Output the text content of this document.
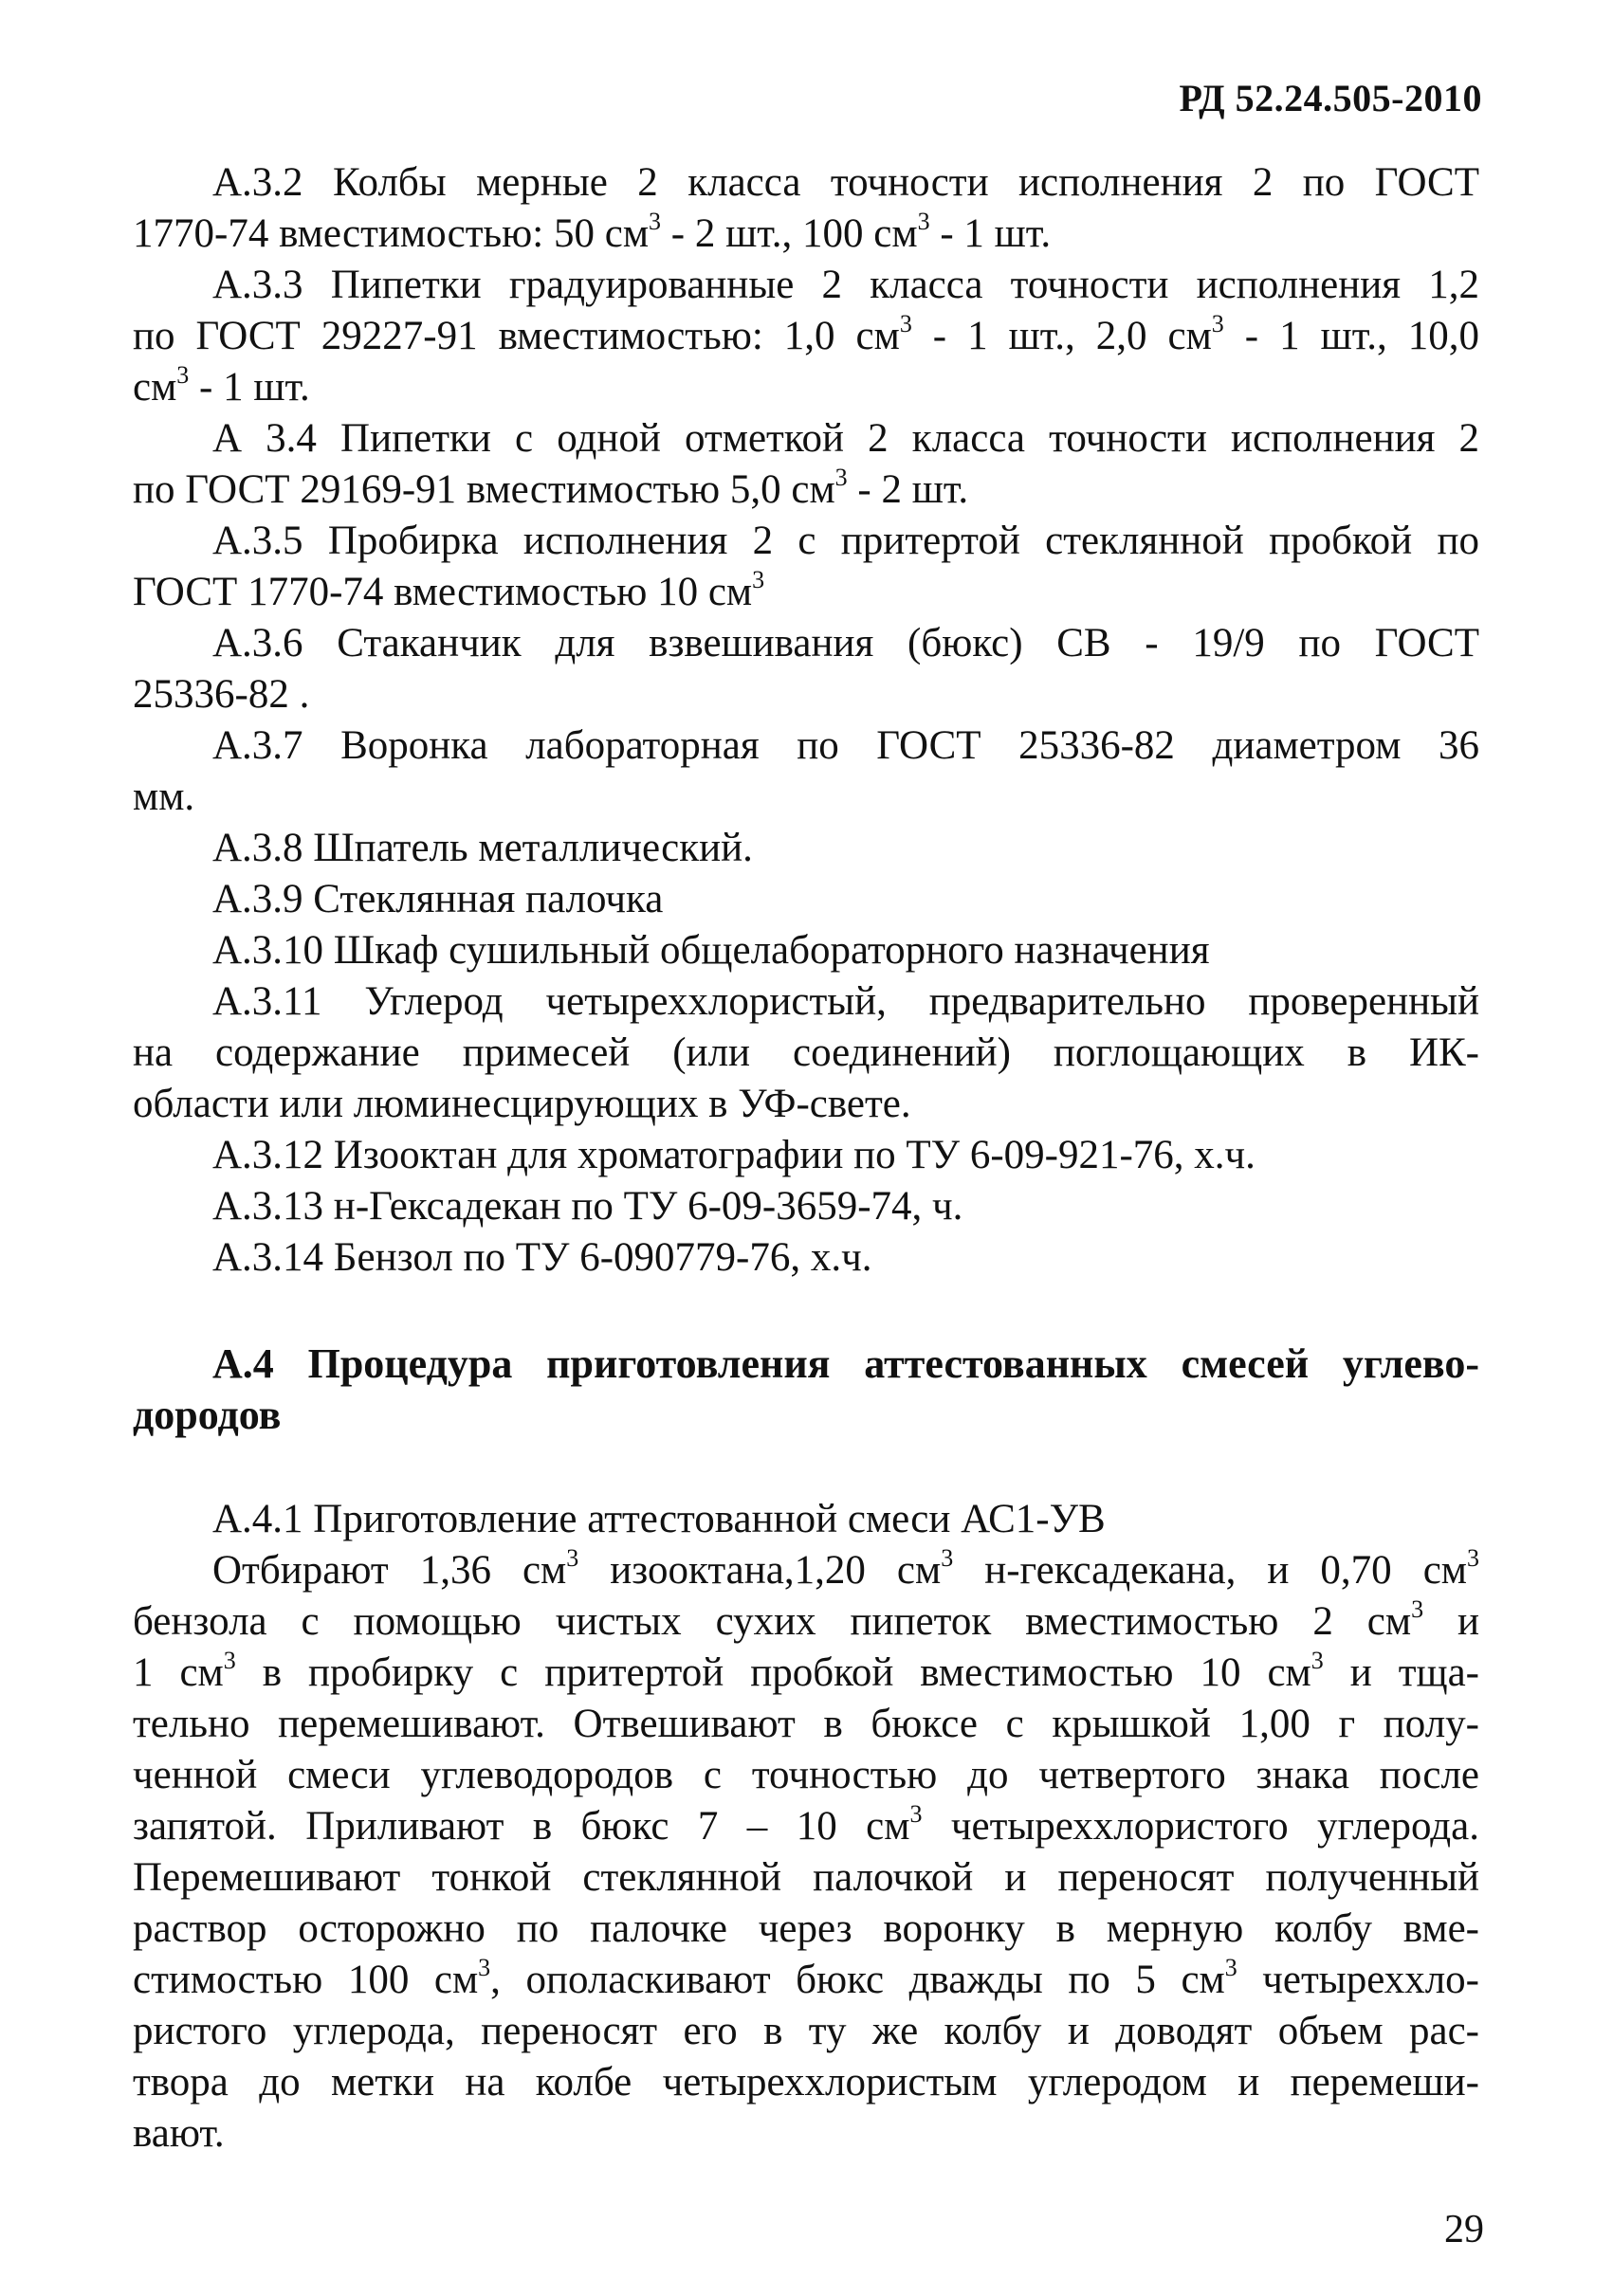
РД 52.24.505-2010
А.3.2 Колбы мерные 2 класса точности исполнения 2 по ГОСТ
1770-74 вместимостью: 50 $см^3 - 2$ шт., 100 $см^3 - 1$ шт.
А.3.3 Пипетки градуированные 2 класса точности исполнения 1,2
по ГОСТ 29227-91 вместимостью: 1,0 $см^3 - 1$ шт., 2,0 $см^3 - 1$ шт., 10,0
$см^3 - 1$ шт.
А 3.4 Пипетки с одной отметкой 2 класса точности исполнения 2
по ГОСТ 29169-91 вместимостью 5,0 $см^3 - 2$ шт.
А.3.5 Пробирка исполнения 2 с притертой стеклянной пробкой по
ГОСТ 1770-74 вместимостью 10 $см^3$
А.3.6 Стаканчик для взвешивания (бюкс) СВ - 19/9 по ГОСТ
25336-82 .
А.3.7 Воронка лабораторная по ГОСТ 25336-82 диаметром 36
мм.
А.3.8 Шпатель металлический.
А.3.9 Стеклянная палочка
А.3.10 Шкаф сушильный общелабораторного назначения
А.3.11 Углерод четыреххлористый, предварительно проверенный
на содержание примесей (или соединений) поглощающих в ИК-
области или люминесцирующих в УФ-свете.
А.3.12 Изооктан для хроматографии по ТУ 6-09-921-76, х.ч.
А.3.13 н-Гексадекан по ТУ 6-09-3659-74, ч.
А.3.14 Бензол по ТУ 6-090779-76, х.ч.
А.4 Процедура приготовления аттестованных смесей углево-
дородов
А.4.1 Приготовление аттестованной смеси АС1-УВ
Отбирают 1,36 $см^3$ изооктана,1,20 $см^3$ н-гексадекана, и 0,70 $см^3$
бензола с помощью чистых сухих пипеток вместимостью 2 $см^3$ и
1 $см^3$ в пробирку с притертой пробкой вместимостью 10 $см^3$ и тща-
тельно перемешивают. Отвешивают в бюксе с крышкой 1,00 г полу-
ченной смеси углеводородов с точностью до четвертого знака после
запятой. Приливают в бюкс 7 – 10 $см^3$ четыреххлористого углерода.
Перемешивают тонкой стеклянной палочкой и переносят полученный
раствор осторожно по палочке через воронку в мерную колбу вме-
стимостью 100 $см^3$, ополаскивают бюкс дважды по 5 $см^3$ четыреххло-
ристого углерода, переносят его в ту же колбу и доводят объем рас-
твора до метки на колбе четыреххлористым углеродом и перемеши-
вают.
29
